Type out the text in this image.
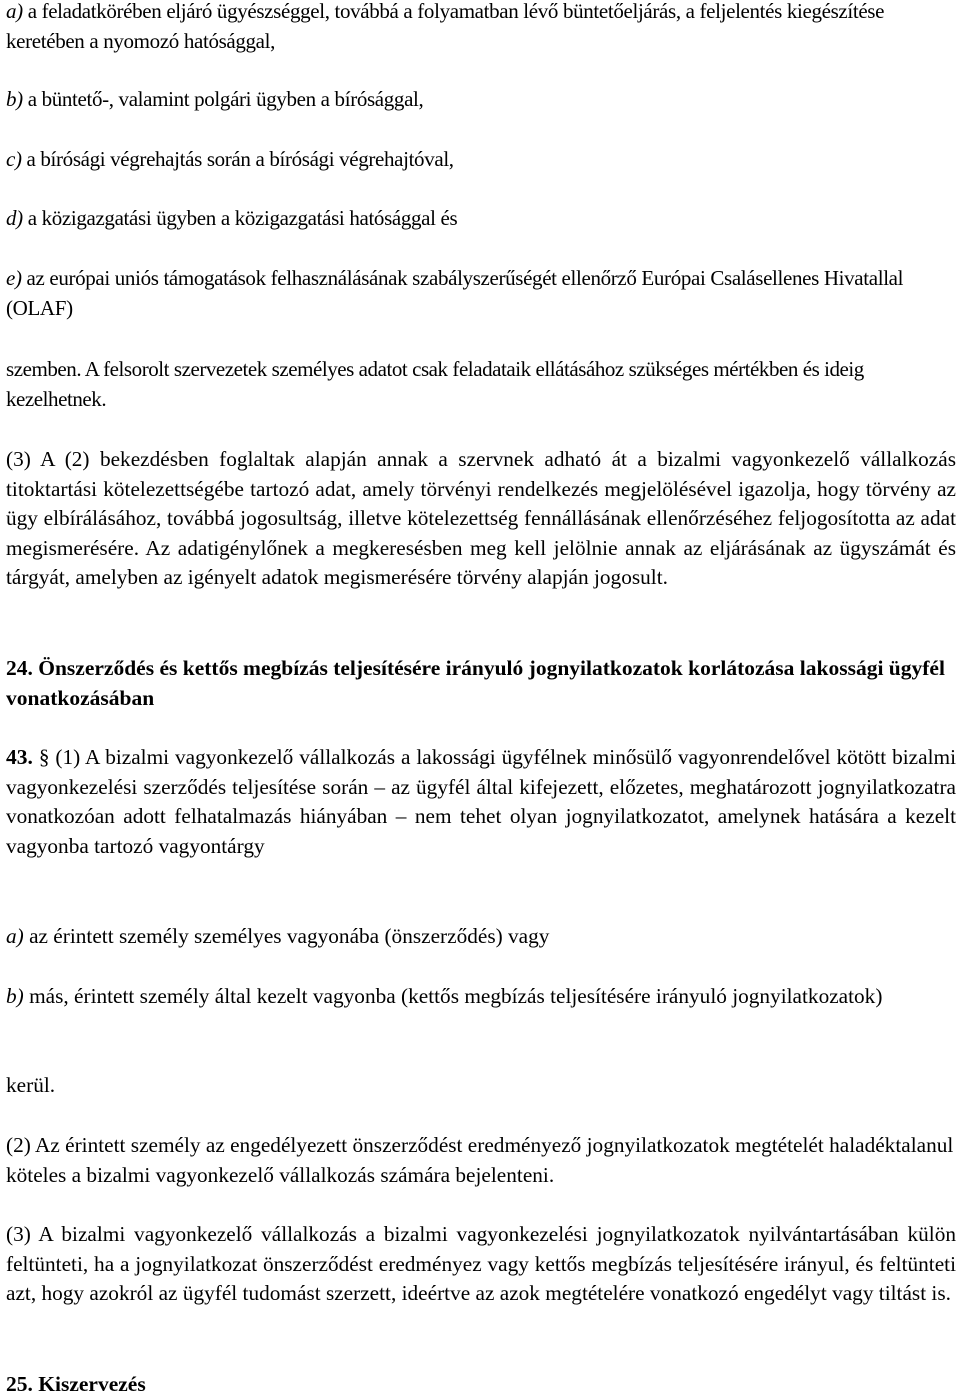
a) a feladatkörében eljáró ügyészséggel, továbbá a folyamatban lévő büntetőeljárás, a feljelentés kiegészítése keretében a nyomozó hatósággal,

b) a büntető-, valamint polgári ügyben a bírósággal,

c) a bírósági végrehajtás során a bírósági végrehajtóval,

d) a közigazgatási ügyben a közigazgatási hatósággal és

e) az európai uniós támogatások felhasználásának szabályszerűségét ellenőrző Európai Csalásellenes Hivatallal (OLAF)

szemben. A felsorolt szervezetek személyes adatot csak feladataik ellátásához szükséges mértékben és ideig kezelhetnek.

(3) A (2) bekezdésben foglaltak alapján annak a szervnek adható át a bizalmi vagyonkezelő vállalkozás titoktartási kötelezettségébe tartozó adat, amely törvényi rendelkezés megjelölésével igazolja, hogy törvény az ügy elbírálásához, továbbá jogosultság, illetve kötelezettség fennállásának ellenőrzéséhez feljogosította az adat megismerésére. Az adatigénylőnek a megkeresésben meg kell jelölnie annak az eljárásának az ügyszámát és tárgyát, amelyben az igényelt adatok megismerésére törvény alapján jogosult.

24. Önszerződés és kettős megbízás teljesítésére irányuló jognyilatkozatok korlátozása lakossági ügyfél vonatkozásában

43. § (1) A bizalmi vagyonkezelő vállalkozás a lakossági ügyfélnek minősülő vagyonrendelővel kötött bizalmi vagyonkezelési szerződés teljesítése során – az ügyfél által kifejezett, előzetes, meghatározott jognyilatkozatra vonatkozóan adott felhatalmazás hiányában – nem tehet olyan jognyilatkozatot, amelynek hatására a kezelt vagyonba tartozó vagyontárgy

a) az érintett személy személyes vagyonába (önszerződés) vagy

b) más, érintett személy által kezelt vagyonba (kettős megbízás teljesítésére irányuló jognyilatkozatok)

kerül.

(2) Az érintett személy az engedélyezett önszerződést eredményező jognyilatkozatok megtételét haladéktalanul köteles a bizalmi vagyonkezelő vállalkozás számára bejelenteni.

(3) A bizalmi vagyonkezelő vállalkozás a bizalmi vagyonkezelési jognyilatkozatok nyilvántartásában külön feltünteti, ha a jognyilatkozat önszerződést eredményez vagy kettős megbízás teljesítésére irányul, és feltünteti azt, hogy azokról az ügyfél tudomást szerzett, ideértve az azok megtételére vonatkozó engedélyt vagy tiltást is.

25. Kiszervezés
